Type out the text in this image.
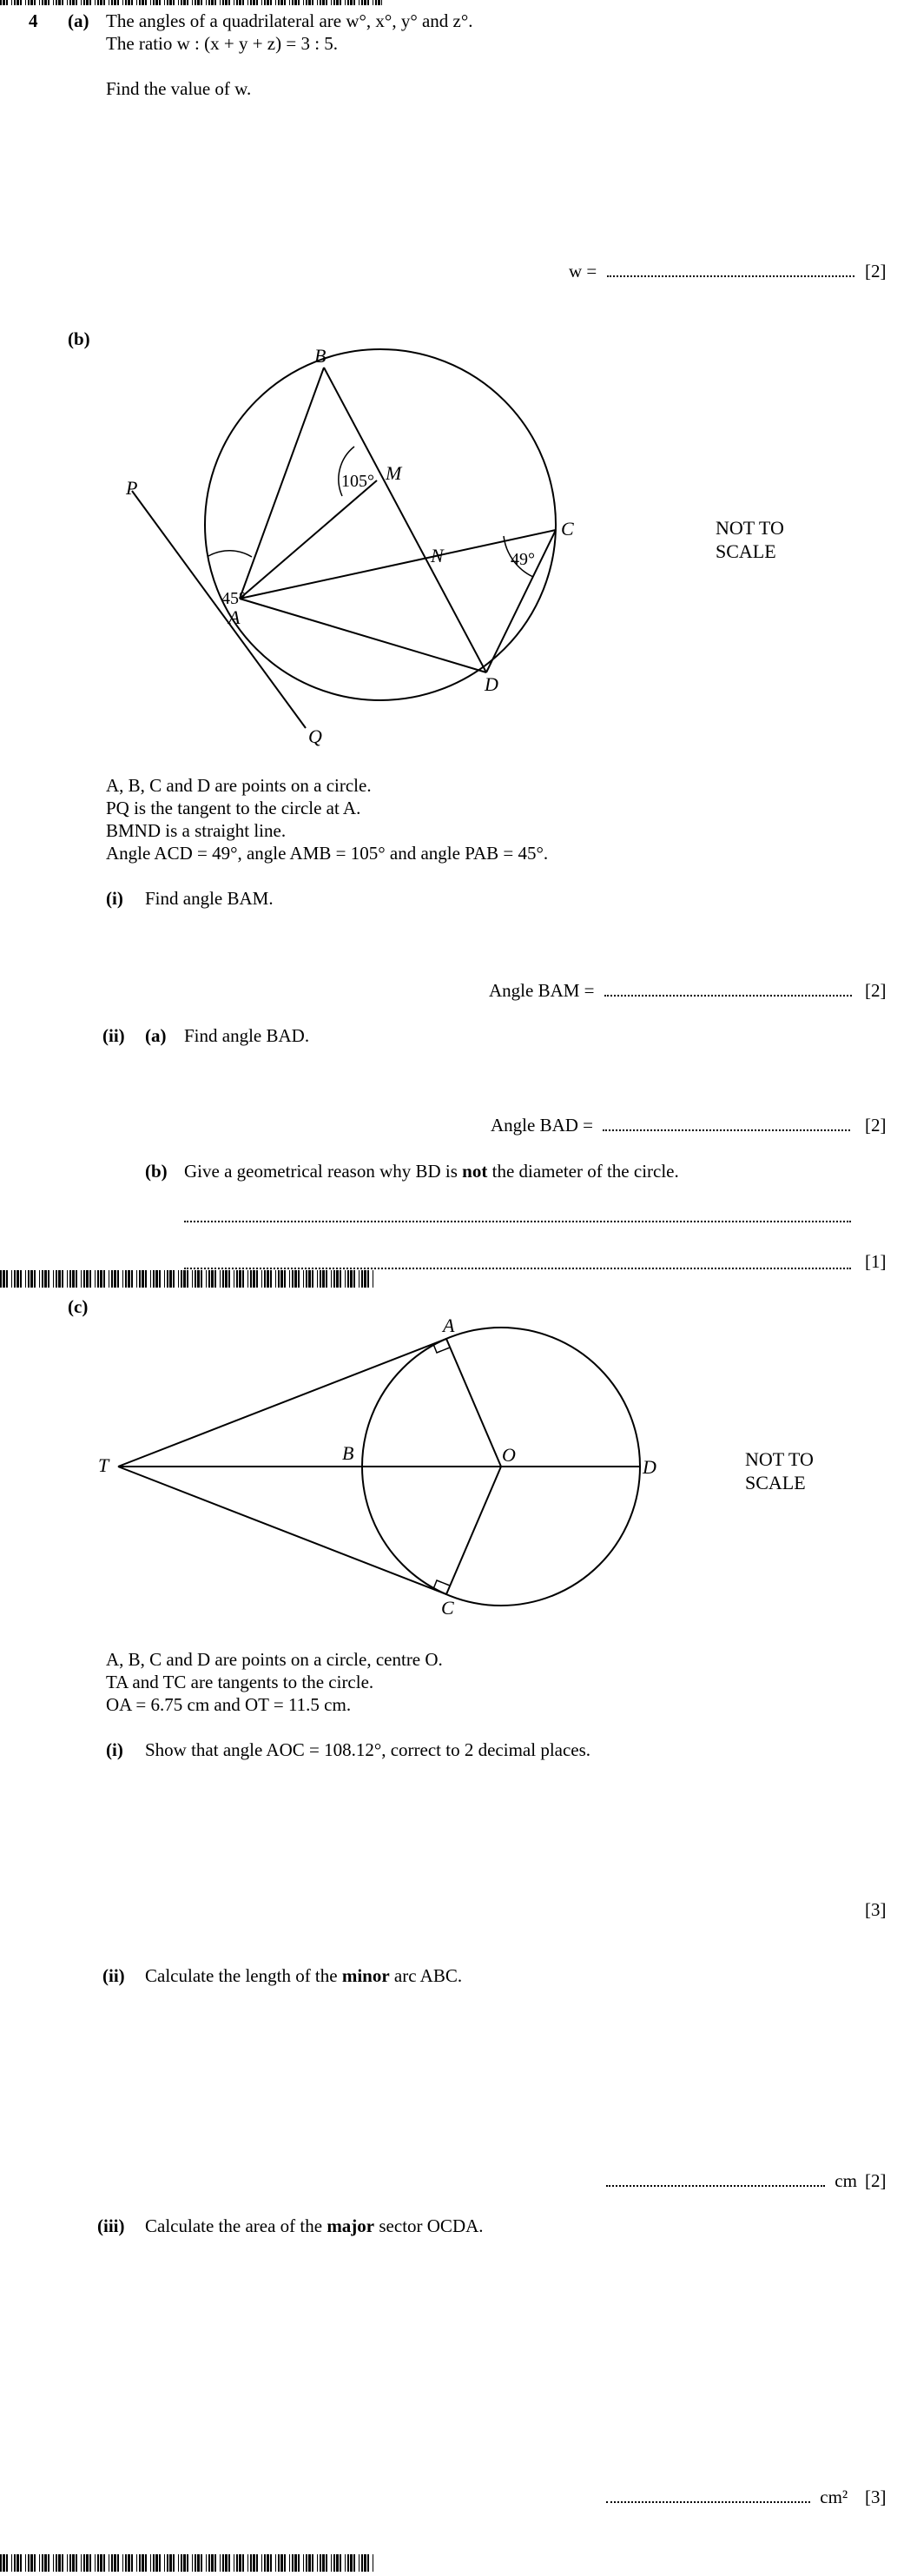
4 (a) The angles of a quadrilateral are w°, x°, y° and z°.
The ratio w : (x + y + z) = 3 : 5.
Find the value of w.
w =	[2]
(b)
105°
45°
49°
B
M
P
C
N
A
D
Q
NOT TO SCALE
A, B, C and D are points on a circle.
PQ is the tangent to the circle at A.
BMND is a straight line.
Angle ACD = 49°, angle AMB = 105° and angle PAB = 45°.
(i) Find angle BAM.
Angle BAM =	[2]
(ii) (a) Find angle BAD.
Angle BAD =	[2]
(b) Give a geometrical reason why BD is not the diameter of the circle.
[1]
(c)
A
T
B	O
D
C
NOT TO SCALE
A, B, C and D are points on a circle, centre O.
TA and TC are tangents to the circle.
OA = 6.75 cm and OT = 11.5 cm.
(i) Show that angle AOC = 108.12°, correct to 2 decimal places.
[3]
(ii) Calculate the length of the minor arc ABC.
cm [2]
(iii) Calculate the area of the major sector OCDA.
cm² [3]
